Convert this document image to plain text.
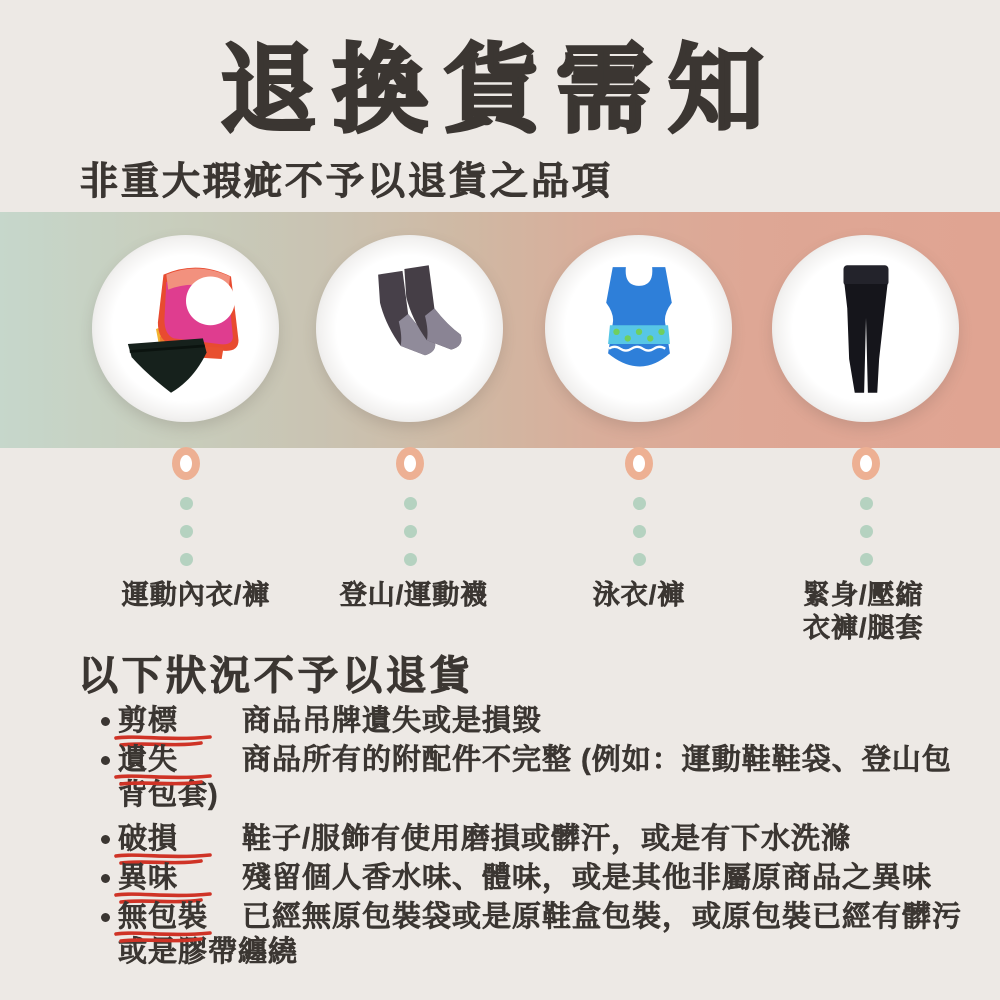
退換貨需知
非重大瑕疵不予以退貨之品項
運動內衣/褲	登山/運動襪	泳衣/褲	緊身/壓縮
衣褲/腿套
以下狀況不予以退貨
剪標 商品吊牌遺失或是損毀
遺失 商品所有的附配件不完整 (例如：運動鞋鞋袋、登山包背包套)
破損 鞋子/服飾有使用磨損或髒汗，或是有下水洗滌
異味 殘留個人香水味、體味，或是其他非屬原商品之異味
無包裝 已經無原包裝袋或是原鞋盒包裝，或原包裝已經有髒污或是膠帶纏繞
